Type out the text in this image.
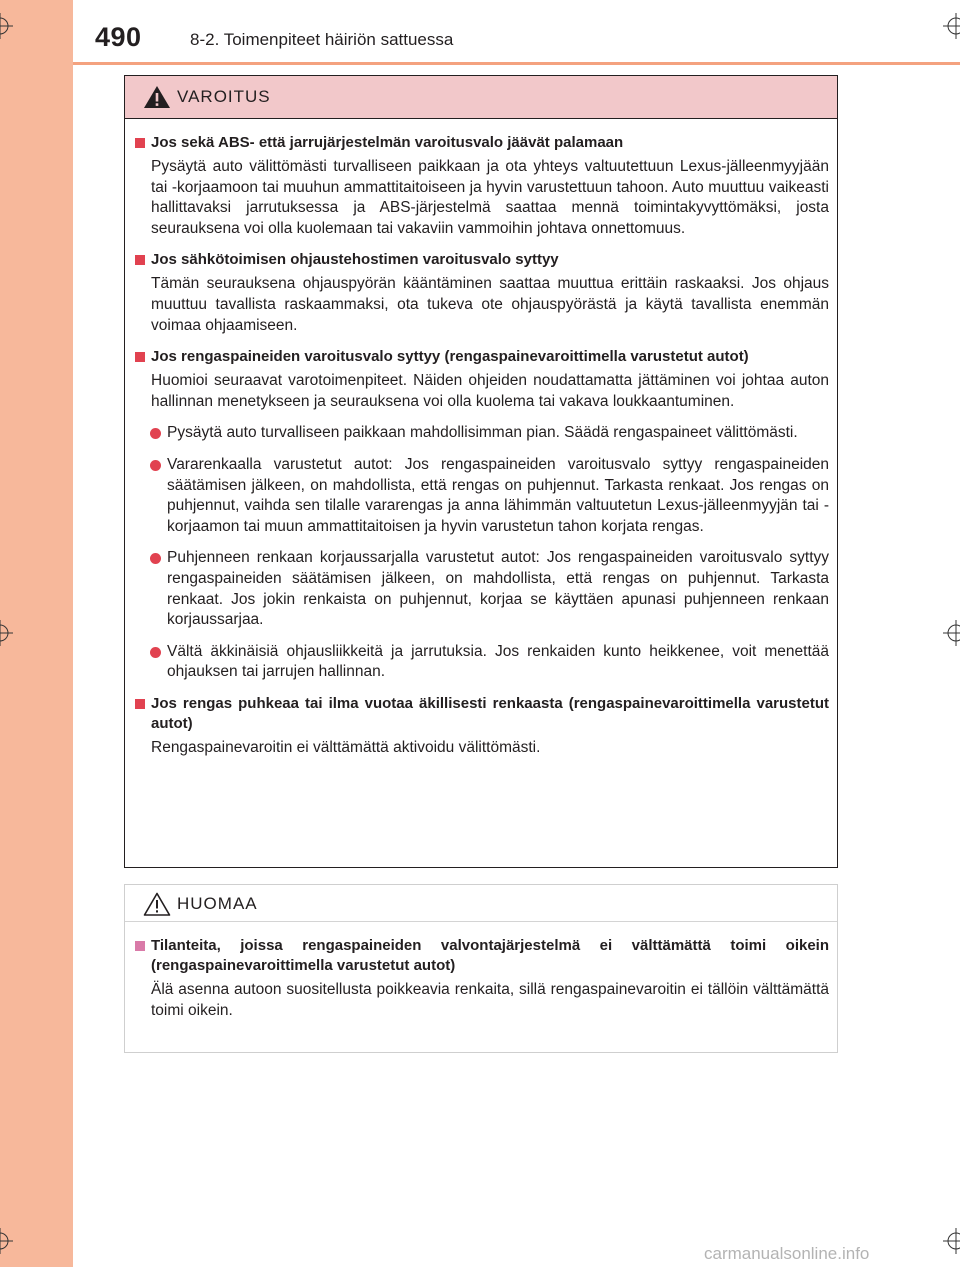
490	8-2. Toimenpiteet häiriön sattuessa
VAROITUS
Jos sekä ABS- että jarrujärjestelmän varoitusvalo jäävät palamaan
Pysäytä auto välittömästi turvalliseen paikkaan ja ota yhteys valtuutettuun Lexus-jälleenmyyjään tai -korjaamoon tai muuhun ammattitaitoiseen ja hyvin varustettuun tahoon. Auto muuttuu vaikeasti hallittavaksi jarrutuksessa ja ABS-järjestelmä saattaa mennä toimintakyvyttömäksi, josta seurauksena voi olla kuolemaan tai vakaviin vammoihin johtava onnettomuus.
Jos sähkötoimisen ohjaustehostimen varoitusvalo syttyy
Tämän seurauksena ohjauspyörän kääntäminen saattaa muuttua erittäin raskaaksi. Jos ohjaus muuttuu tavallista raskaammaksi, ota tukeva ote ohjauspyörästä ja käytä tavallista enemmän voimaa ohjaamiseen.
Jos rengaspaineiden varoitusvalo syttyy (rengaspainevaroittimella varustetut autot)
Huomioi seuraavat varotoimenpiteet. Näiden ohjeiden noudattamatta jättäminen voi johtaa auton hallinnan menetykseen ja seurauksena voi olla kuolema tai vakava loukkaantuminen.
Pysäytä auto turvalliseen paikkaan mahdollisimman pian. Säädä rengaspaineet välittömästi.
Vararenkaalla varustetut autot: Jos rengaspaineiden varoitusvalo syttyy rengaspaineiden säätämisen jälkeen, on mahdollista, että rengas on puhjennut. Tarkasta renkaat. Jos rengas on puhjennut, vaihda sen tilalle vararengas ja anna lähimmän valtuutetun Lexus-jälleenmyyjän tai -korjaamon tai muun ammattitaitoisen ja hyvin varustetun tahon korjata rengas.
Puhjenneen renkaan korjaussarjalla varustetut autot: Jos rengaspaineiden varoitusvalo syttyy rengaspaineiden säätämisen jälkeen, on mahdollista, että rengas on puhjennut. Tarkasta renkaat. Jos jokin renkaista on puhjennut, korjaa se käyttäen apunasi puhjenneen renkaan korjaussarjaa.
Vältä äkkinäisiä ohjausliikkeitä ja jarrutuksia. Jos renkaiden kunto heikkenee, voit menettää ohjauksen tai jarrujen hallinnan.
Jos rengas puhkeaa tai ilma vuotaa äkillisesti renkaasta (rengaspainevaroittimella varustetut autot)
Rengaspainevaroitin ei välttämättä aktivoidu välittömästi.
HUOMAA
Tilanteita, joissa rengaspaineiden valvontajärjestelmä ei välttämättä toimi oikein (rengaspainevaroittimella varustetut autot)
Älä asenna autoon suositellusta poikkeavia renkaita, sillä rengaspainevaroitin ei tällöin välttämättä toimi oikein.
carmanualsonline.info
